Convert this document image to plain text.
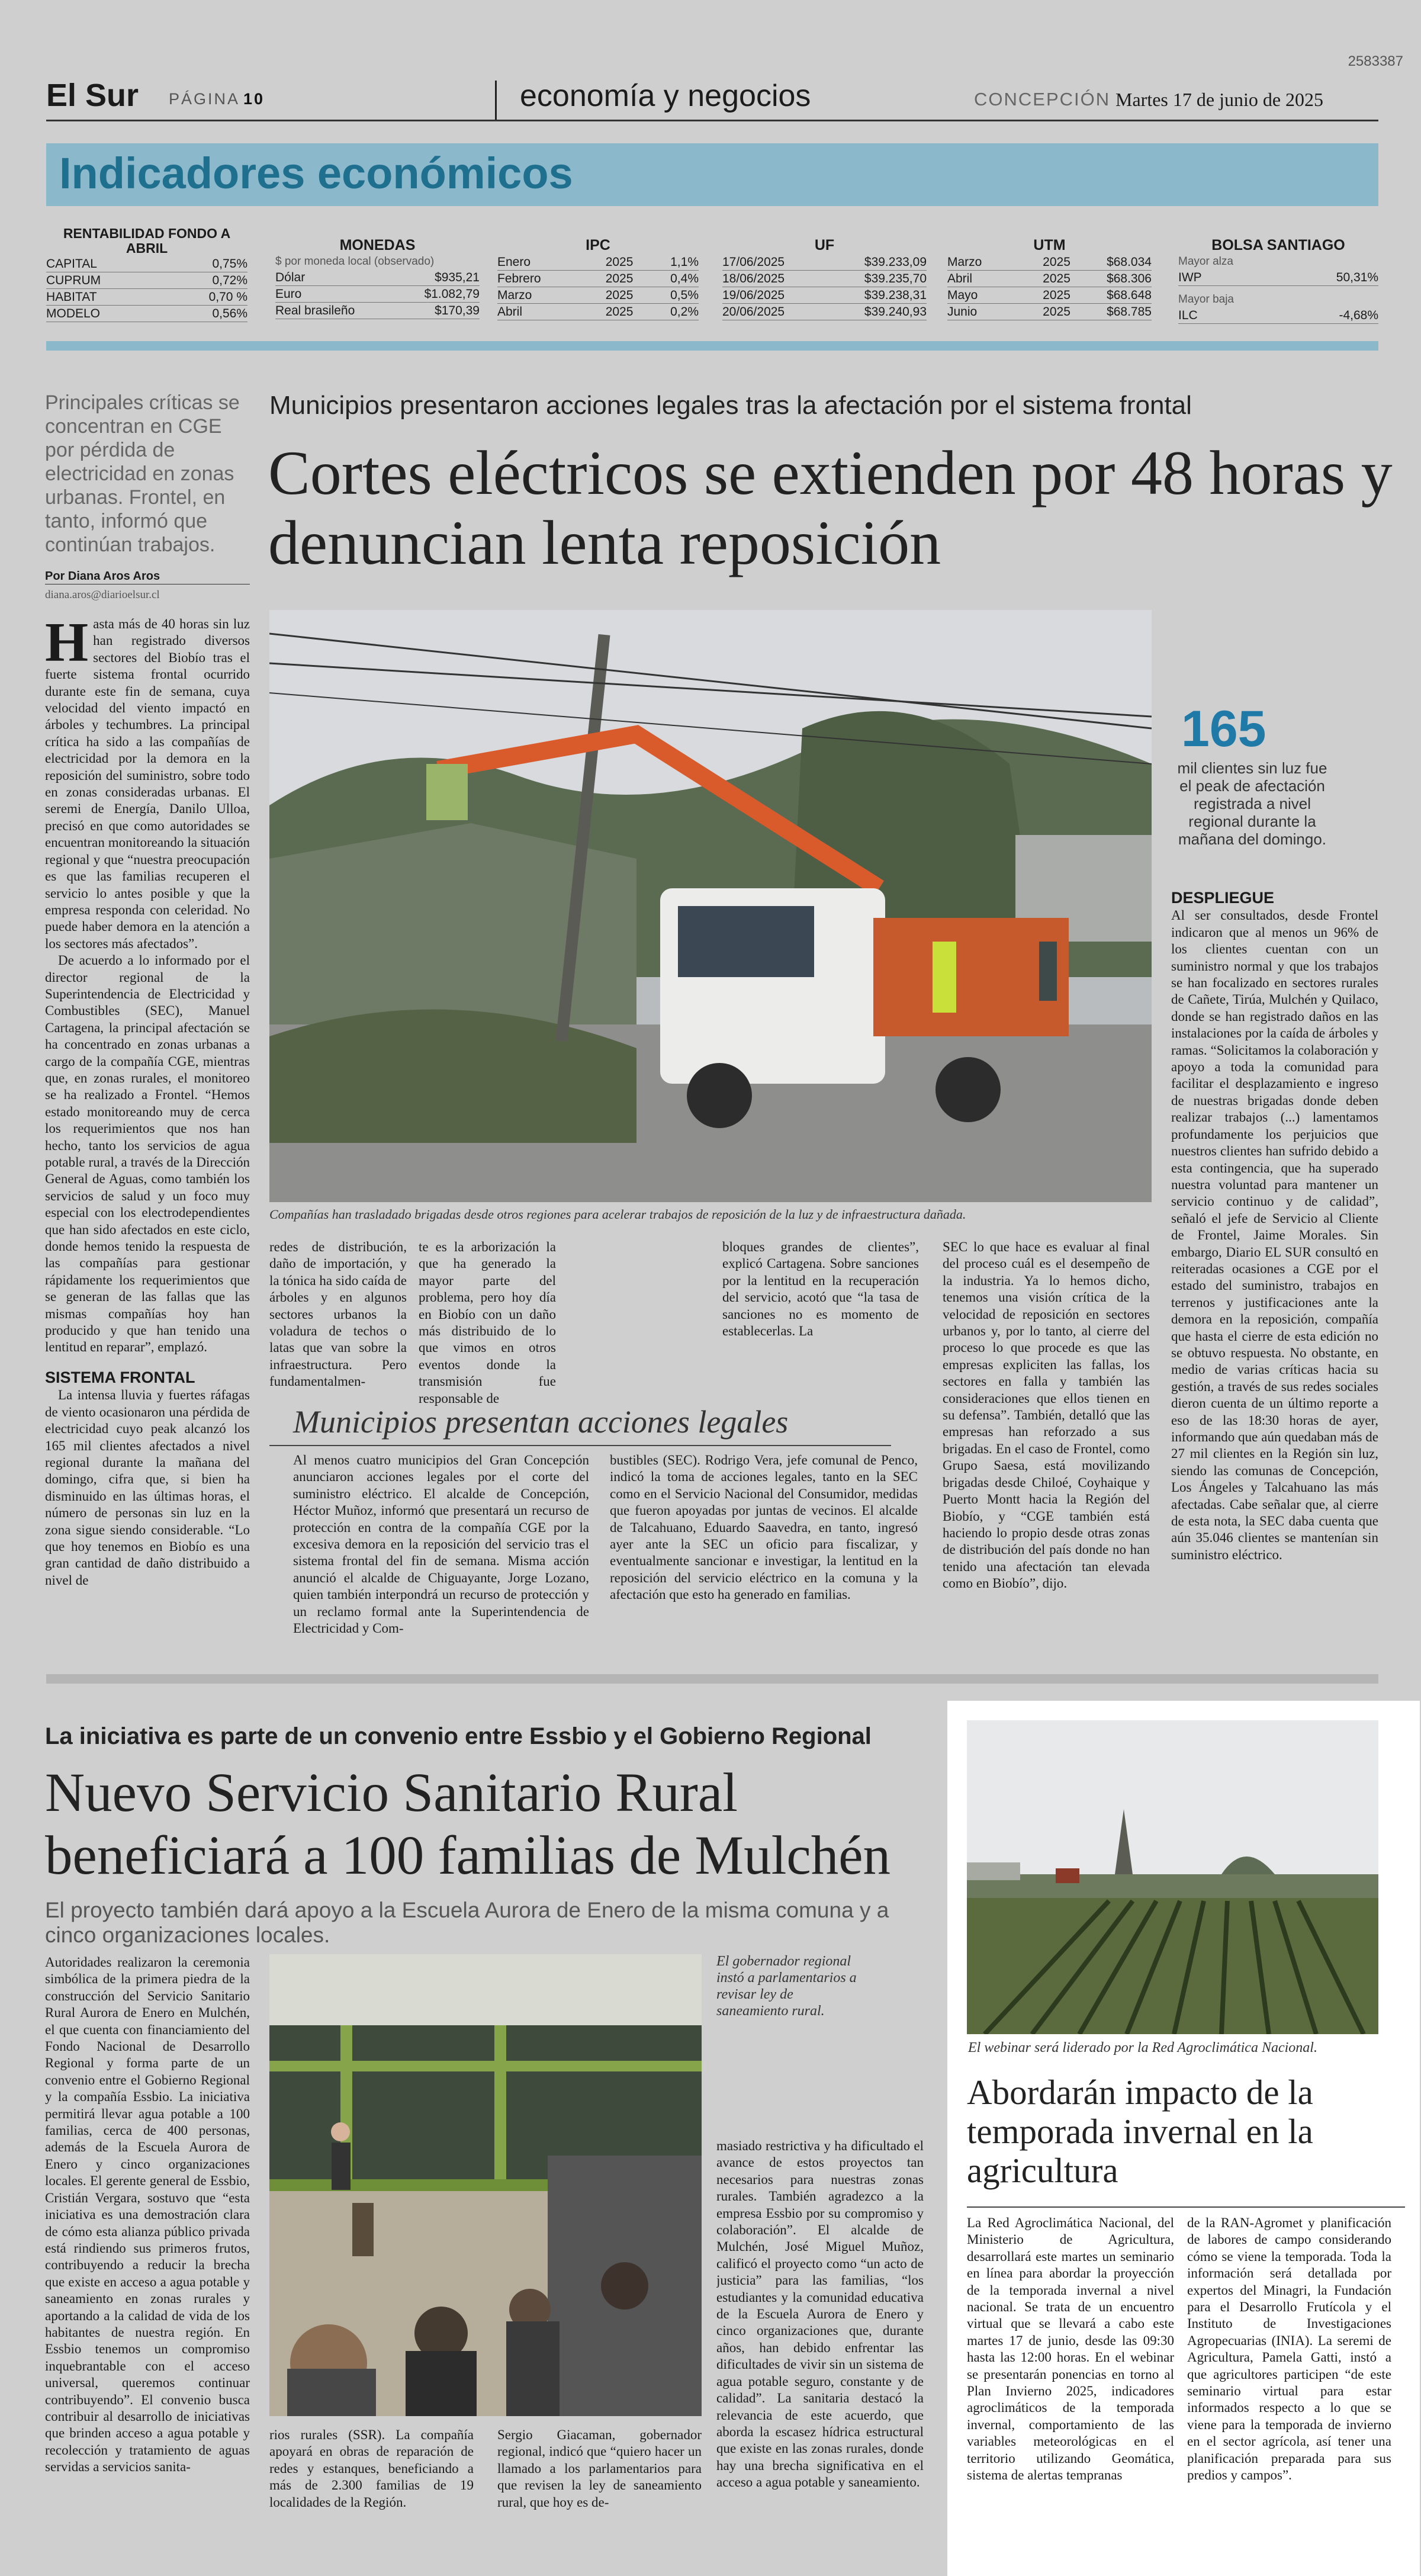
2583387
El Sur PÁGINA 10	economía y negocios	CONCEPCIÓN Martes 17 de junio de 2025
Indicadores económicos
RENTABILIDAD FONDO A ABRIL
CAPITAL	0,75%
CUPRUM	0,72%
HABITAT	0,70 %
MODELO	0,56%
MONEDAS
$ por moneda local (observado)
Dólar	$935,21
Euro	$1.082,79
Real brasileño	$170,39
IPC
Enero	2025	1,1%
Febrero	2025	0,4%
Marzo	2025	0,5%
Abril	2025	0,2%
UF
17/06/2025	$39.233,09
18/06/2025	$39.235,70
19/06/2025	$39.238,31
20/06/2025	$39.240,93
UTM
Marzo	2025	$68.034
Abril	2025	$68.306
Mayo	2025	$68.648
Junio	2025	$68.785
BOLSA SANTIAGO
Mayor alza
IWP	50,31%
Mayor baja
ILC	-4,68%
Principales críticas se concentran en CGE por pérdida de electricidad en zonas urbanas. Frontel, en tanto, informó que continúan trabajos.
Por Diana Aros Aros
diana.aros@diarioelsur.cl
Municipios presentaron acciones legales tras la afectación por el sistema frontal
Cortes eléctricos se extienden por 48 horas y denuncian lenta reposición
Compañías han trasladado brigadas desde otros regiones para acelerar trabajos de reposición de la luz y de infraestructura dañada.
165
mil clientes sin luz fue el peak de afectación registrada a nivel regional durante la mañana del domingo.
Hasta más de 40 horas sin luz han registrado diversos sectores del Biobío tras el fuerte sistema frontal ocurrido durante este fin de semana, cuya velocidad del viento impactó en árboles y techumbres. La principal crítica ha sido a las compañías de electricidad por la demora en la reposición del suministro, sobre todo en zonas consideradas urbanas. El seremi de Energía, Danilo Ulloa, precisó en que como autoridades se encuentran monitoreando la situación regional y que “nuestra preocupación es que las familias recuperen el servicio lo antes posible y que la empresa responda con celeridad. No puede haber demora en la atención a los sectores más afectados”.

De acuerdo a lo informado por el director regional de la Superintendencia de Electricidad y Combustibles (SEC), Manuel Cartagena, la principal afectación se ha concentrado en zonas urbanas a cargo de la compañía CGE, mientras que, en zonas rurales, el monitoreo se ha realizado a Frontel. “Hemos estado monitoreando muy de cerca los requerimientos que nos han hecho, tanto los servicios de agua potable rural, a través de la Dirección General de Aguas, como también los servicios de salud y un foco muy especial con los electrodependientes que han sido afectados en este ciclo, donde hemos tenido la respuesta de las compañías para gestionar rápidamente los requerimientos que se generan de las fallas que las mismas compañías hoy han producido y que han tenido una lentitud en reparar”, emplazó.

SISTEMA FRONTAL

La intensa lluvia y fuertes ráfagas de viento ocasionaron una pérdida de electricidad cuyo peak alcanzó los 165 mil clientes afectados a nivel regional durante la mañana del domingo, cifra que, si bien ha disminuido en las últimas horas, el número de personas sin luz en la zona sigue siendo considerable. “Lo que hoy tenemos en Biobío es una gran cantidad de daño distribuido a nivel de

redes de distribución, daño de importación, y la tónica ha sido caída de árboles y en algunos sectores urbanos la voladura de techos o latas que van sobre la infraestructura. Pero fundamentalmen-
te es la arborización la que ha generado la mayor parte del problema, pero hoy día en Biobío con un daño más distribuido de lo que vimos en otros eventos donde la transmisión fue responsable de
bloques grandes de clientes”, explicó Cartagena. Sobre sanciones por la lentitud en la recuperación del servicio, acotó que “la tasa de sanciones no es momento de establecerlas. La
SEC lo que hace es evaluar al final del proceso cuál es el desempeño de la industria. Ya lo hemos dicho, tenemos una visión crítica de la velocidad de reposición en sectores urbanos y, por lo tanto, al cierre del proceso lo que procede es que las empresas expliciten las fallas, los sectores en falla y también las consideraciones que ellos tienen en su defensa”. También, detalló que las empresas han reforzado a sus brigadas. En el caso de Frontel, como Grupo Saesa, está movilizando brigadas desde Chiloé, Coyhaique y Puerto Montt hacia la Región del Biobío, y “CGE también está haciendo lo propio desde otras zonas de distribución del país donde no han tenido una afectación tan elevada como en Biobío”, dijo.

DESPLIEGUE

Al ser consultados, desde Frontel indicaron que al menos un 96% de los clientes cuentan con un suministro normal y que los trabajos se han focalizado en sectores rurales de Cañete, Tirúa, Mulchén y Quilaco, donde se han registrado daños en las instalaciones por la caída de árboles y ramas. “Solicitamos la colaboración y apoyo a toda la comunidad para facilitar el desplazamiento e ingreso de nuestras brigadas donde deben realizar trabajos (...) lamentamos profundamente los perjuicios que nuestros clientes han sufrido debido a esta contingencia, que ha superado nuestra voluntad para mantener un servicio continuo y de calidad”, señaló el jefe de Servicio al Cliente de Frontel, Jaime Morales. Sin embargo, Diario EL SUR consultó en reiteradas ocasiones a CGE por el estado del suministro, trabajos en terrenos y justificaciones ante la demora en la reposición, compañía que hasta el cierre de esta edición no se obtuvo respuesta. No obstante, en medio de varias críticas hacia su gestión, a través de sus redes sociales dieron cuenta de un último reporte a eso de las 18:30 horas de ayer, informando que aún quedaban más de 27 mil clientes en la Región sin luz, siendo las comunas de Concepción, Los Ángeles y Talcahuano las más afectadas. Cabe señalar que, al cierre de esta nota, la SEC daba cuenta que aún 35.046 clientes se mantenían sin suministro eléctrico.
Municipios presentan acciones legales
Al menos cuatro municipios del Gran Concepción anunciaron acciones legales por el corte del suministro eléctrico. El alcalde de Concepción, Héctor Muñoz, informó que presentará un recurso de protección en contra de la compañía CGE por la excesiva demora en la reposición del servicio tras el sistema frontal del fin de semana. Misma acción anunció el alcalde de Chiguayante, Jorge Lozano, quien también interpondrá un recurso de protección y un reclamo formal ante la Superintendencia de Electricidad y Com-
bustibles (SEC). Rodrigo Vera, jefe comunal de Penco, indicó la toma de acciones legales, tanto en la SEC como en el Servicio Nacional del Consumidor, medidas que fueron apoyadas por juntas de vecinos. El alcalde de Talcahuano, Eduardo Saavedra, en tanto, ingresó ayer ante la SEC un oficio para fiscalizar, y eventualmente sancionar e investigar, la lentitud en la reposición del servicio eléctrico en la comuna y la afectación que esto ha generado en familias.
La iniciativa es parte de un convenio entre Essbio y el Gobierno Regional
Nuevo Servicio Sanitario Rural beneficiará a 100 familias de Mulchén
El proyecto también dará apoyo a la Escuela Aurora de Enero de la misma comuna y a cinco organizaciones locales.
Autoridades realizaron la ceremonia simbólica de la primera piedra de la construcción del Servicio Sanitario Rural Aurora de Enero en Mulchén, el que cuenta con financiamiento del Fondo Nacional de Desarrollo Regional y forma parte de un convenio entre el Gobierno Regional y la compañía Essbio. La iniciativa permitirá llevar agua potable a 100 familias, cerca de 400 personas, además de la Escuela Aurora de Enero y cinco organizaciones locales. El gerente general de Essbio, Cristián Vergara, sostuvo que “esta iniciativa es una demostración clara de cómo esta alianza público privada está rindiendo sus primeros frutos, contribuyendo a reducir la brecha que existe en acceso a agua potable y saneamiento en zonas rurales y aportando a la calidad de vida de los habitantes de nuestra región. En Essbio tenemos un compromiso inquebrantable con el acceso universal, queremos continuar contribuyendo”. El convenio busca contribuir al desarrollo de iniciativas que brinden acceso a agua potable y recolección y tratamiento de aguas servidas a servicios sanita-
El gobernador regional instó a parlamentarios a revisar ley de saneamiento rural.
masiado restrictiva y ha dificultado el avance de estos proyectos tan necesarios para nuestras zonas rurales. También agradezco a la empresa Essbio por su compromiso y colaboración”. El alcalde de Mulchén, José Miguel Muñoz, calificó el proyecto como “un acto de justicia” para las familias, “los estudiantes y la comunidad educativa de la Escuela Aurora de Enero y cinco organizaciones que, durante años, han debido enfrentar las dificultades de vivir sin un sistema de agua potable seguro, constante y de calidad”. La sanitaria destacó la relevancia de este acuerdo, que aborda la escasez hídrica estructural que existe en las zonas rurales, donde hay una brecha significativa en el acceso a agua potable y saneamiento.
rios rurales (SSR). La compañía apoyará en obras de reparación de redes y estanques, beneficiando a más de 2.300 familias de 19 localidades de la Región.
Sergio Giacaman, gobernador regional, indicó que “quiero hacer un llamado a los parlamentarios para que revisen la ley de saneamiento rural, que hoy es de-
El webinar será liderado por la Red Agroclimática Nacional.
Abordarán impacto de la temporada invernal en la agricultura
La Red Agroclimática Nacional, del Ministerio de Agricultura, desarrollará este martes un seminario en línea para abordar la proyección de la temporada invernal a nivel nacional. Se trata de un encuentro virtual que se llevará a cabo este martes 17 de junio, desde las 09:30 hasta las 12:00 horas. En el webinar se presentarán ponencias en torno al Plan Invierno 2025, indicadores agroclimáticos de la temporada invernal, comportamiento de las variables meteorológicas en el territorio utilizando Geomática, sistema de alertas tempranas
de la RAN-Agromet y planificación de labores de campo considerando cómo se viene la temporada. Toda la información será detallada por expertos del Minagri, la Fundación para el Desarrollo Frutícola y el Instituto de Investigaciones Agropecuarias (INIA). La seremi de Agricultura, Pamela Gatti, instó a que agricultores participen “de este seminario virtual para estar informados respecto a lo que se viene para la temporada de invierno en el sector agrícola, así tener una planificación preparada para sus predios y campos”.
